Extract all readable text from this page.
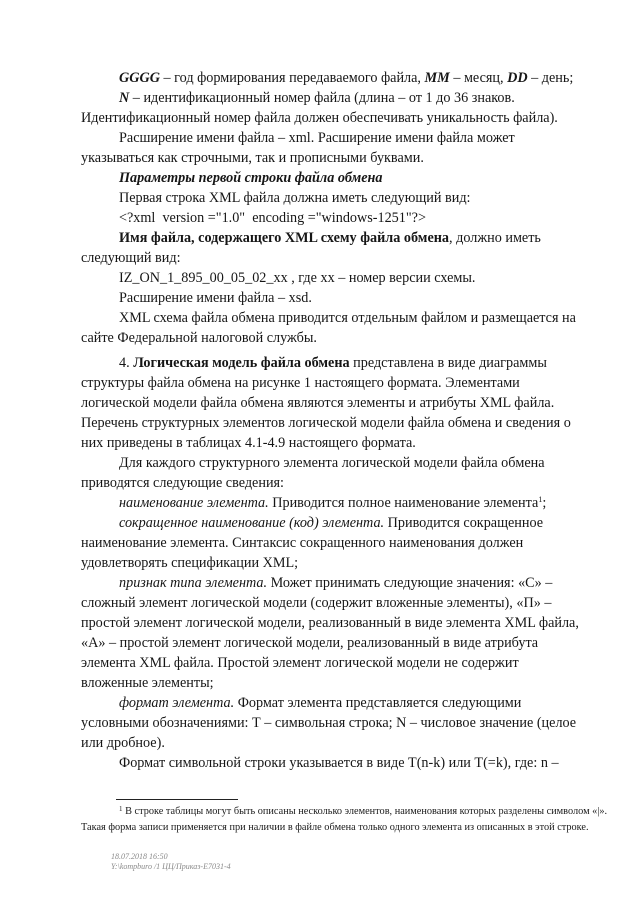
GGGG – год формирования передаваемого файла, MM – месяц, DD – день;
N – идентификационный номер файла (длина – от 1 до 36 знаков.
Идентификационный номер файла должен обеспечивать уникальность файла).
Расширение имени файла – xml. Расширение имени файла может
указываться как строчными, так и прописными буквами.
Параметры первой строки файла обмена
Первая строка XML файла должна иметь следующий вид:
<?xml  version ="1.0"  encoding ="windows-1251"?>
Имя файла, содержащего XML схему файла обмена, должно иметь
следующий вид:
IZ_ON_1_895_00_05_02_xx , где хх – номер версии схемы.
Расширение имени файла – xsd.
XML схема файла обмена приводится отдельным файлом и размещается на
сайте Федеральной налоговой службы.
4. Логическая модель файла обмена представлена в виде диаграммы
структуры файла обмена на рисунке 1 настоящего формата. Элементами
логической модели файла обмена являются элементы и атрибуты XML файла.
Перечень структурных элементов логической модели файла обмена и сведения о
них приведены в таблицах 4.1-4.9 настоящего формата.
Для каждого структурного элемента логической модели файла обмена
приводятся следующие сведения:
наименование элемента. Приводится полное наименование элемента$^1$;
сокращенное наименование (код) элемента. Приводится сокращенное
наименование элемента. Синтаксис сокращенного наименования должен
удовлетворять спецификации XML;
признак типа элемента. Может принимать следующие значения: «С» –
сложный элемент логической модели (содержит вложенные элементы), «П» –
простой элемент логической модели, реализованный в виде элемента XML файла,
«А» – простой элемент логической модели, реализованный в виде атрибута
элемента XML файла. Простой элемент логической модели не содержит
вложенные элементы;
формат элемента. Формат элемента представляется следующими
условными обозначениями: Т – символьная строка; N – числовое значение (целое
или дробное).
Формат символьной строки указывается в виде Т(n-k) или Т(=k), где: n –
$^1$ В строке таблицы могут быть описаны несколько элементов, наименования которых разделены символом «|».
Такая форма записи применяется при наличии в файле обмена только одного элемента из описанных в этой строке.
18.07.2018 16:50
Y:\kompburo /1 ЦЦ/Приказ-Е7031-4
